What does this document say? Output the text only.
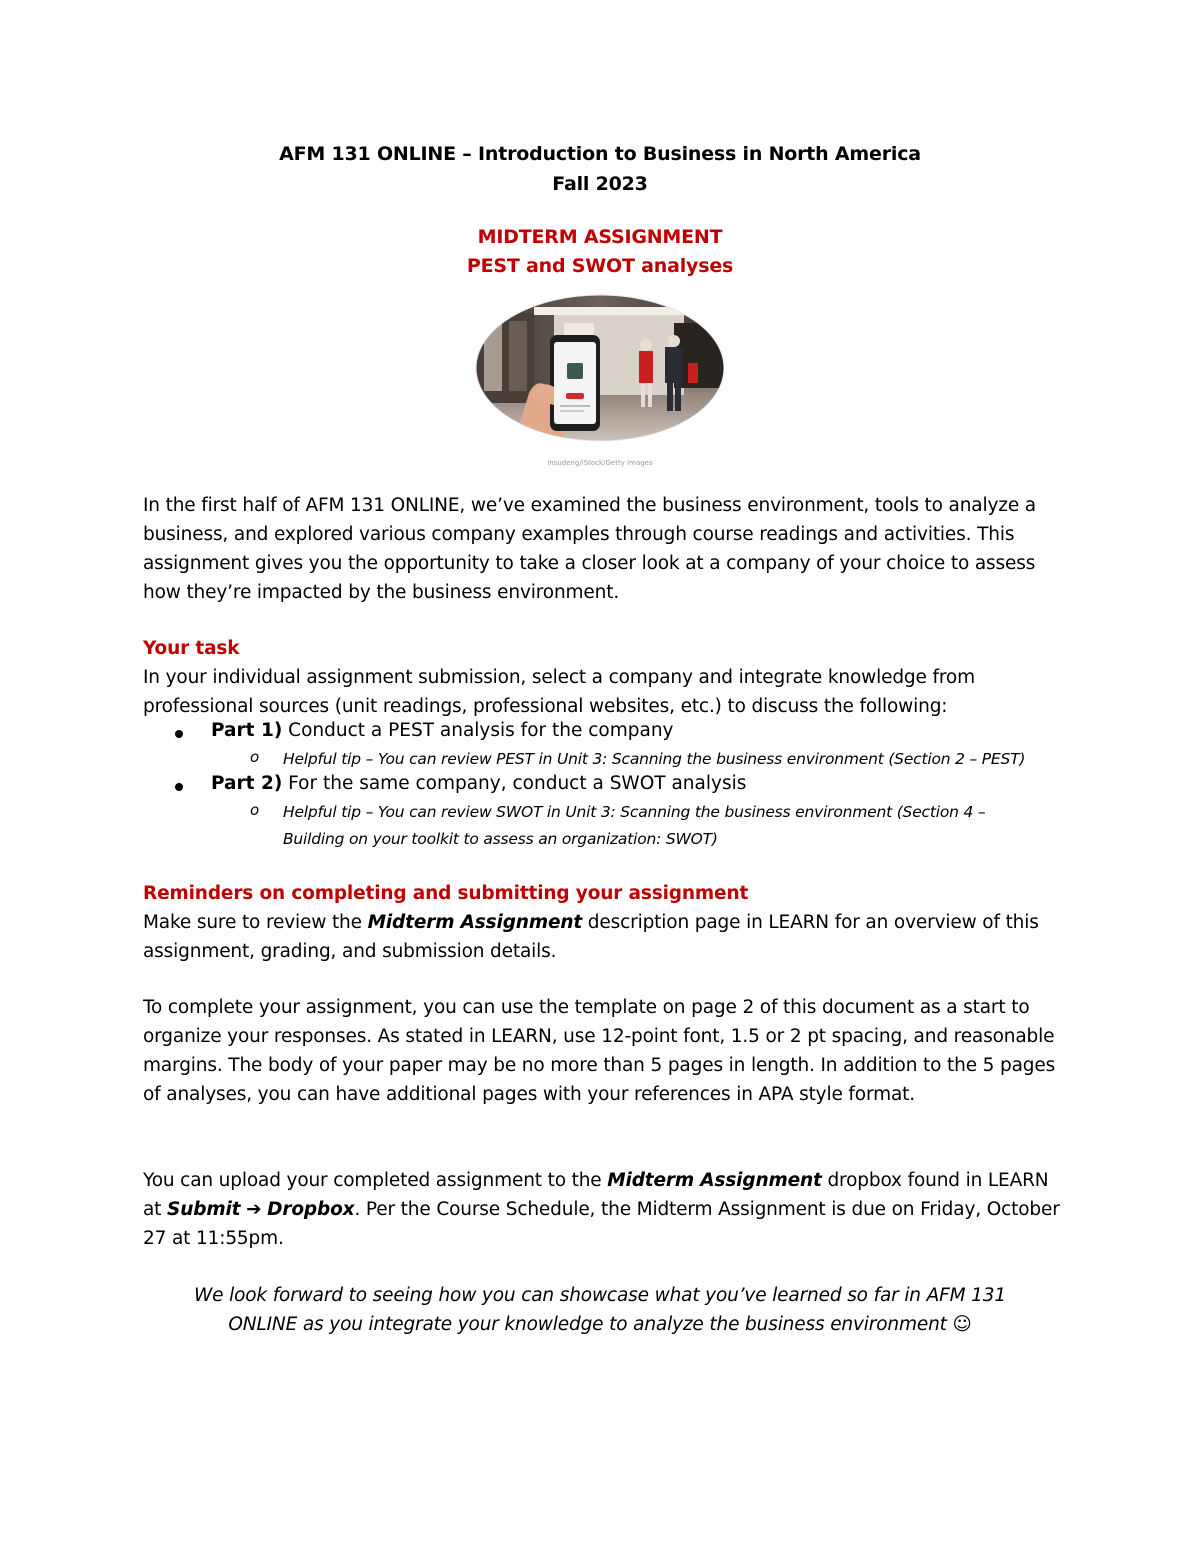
AFM 131 ONLINE – Introduction to Business in North America
Fall 2023
MIDTERM ASSIGNMENT
PEST and SWOT analyses
insudeng/iStock/Getty Images

In the first half of AFM 131 ONLINE, we’ve examined the business environment, tools to analyze a business, and explored various company examples through course readings and activities. This assignment gives you the opportunity to take a closer look at a company of your choice to assess how they’re impacted by the business environment.

Your task

In your individual assignment submission, select a company and integrate knowledge from professional sources (unit readings, professional websites, etc.) to discuss the following:

Part 1) Conduct a PEST analysis for the company
o Helpful tip – You can review PEST in Unit 3: Scanning the business environment (Section 2 – PEST)
Part 2) For the same company, conduct a SWOT analysis
o Helpful tip – You can review SWOT in Unit 3: Scanning the business environment (Section 4 –
Building on your toolkit to assess an organization: SWOT)

Reminders on completing and submitting your assignment

Make sure to review the Midterm Assignment description page in LEARN for an overview of this assignment, grading, and submission details.

To complete your assignment, you can use the template on page 2 of this document as a start to organize your responses. As stated in LEARN, use 12-point font, 1.5 or 2 pt spacing, and reasonable margins. The body of your paper may be no more than 5 pages in length. In addition to the 5 pages of analyses, you can have additional pages with your references in APA style format.

You can upload your completed assignment to the Midterm Assignment dropbox found in LEARN at Submit ➔ Dropbox. Per the Course Schedule, the Midterm Assignment is due on Friday, October 27 at 11:55pm.

We look forward to seeing how you can showcase what you’ve learned so far in AFM 131
ONLINE as you integrate your knowledge to analyze the business environment ☺
